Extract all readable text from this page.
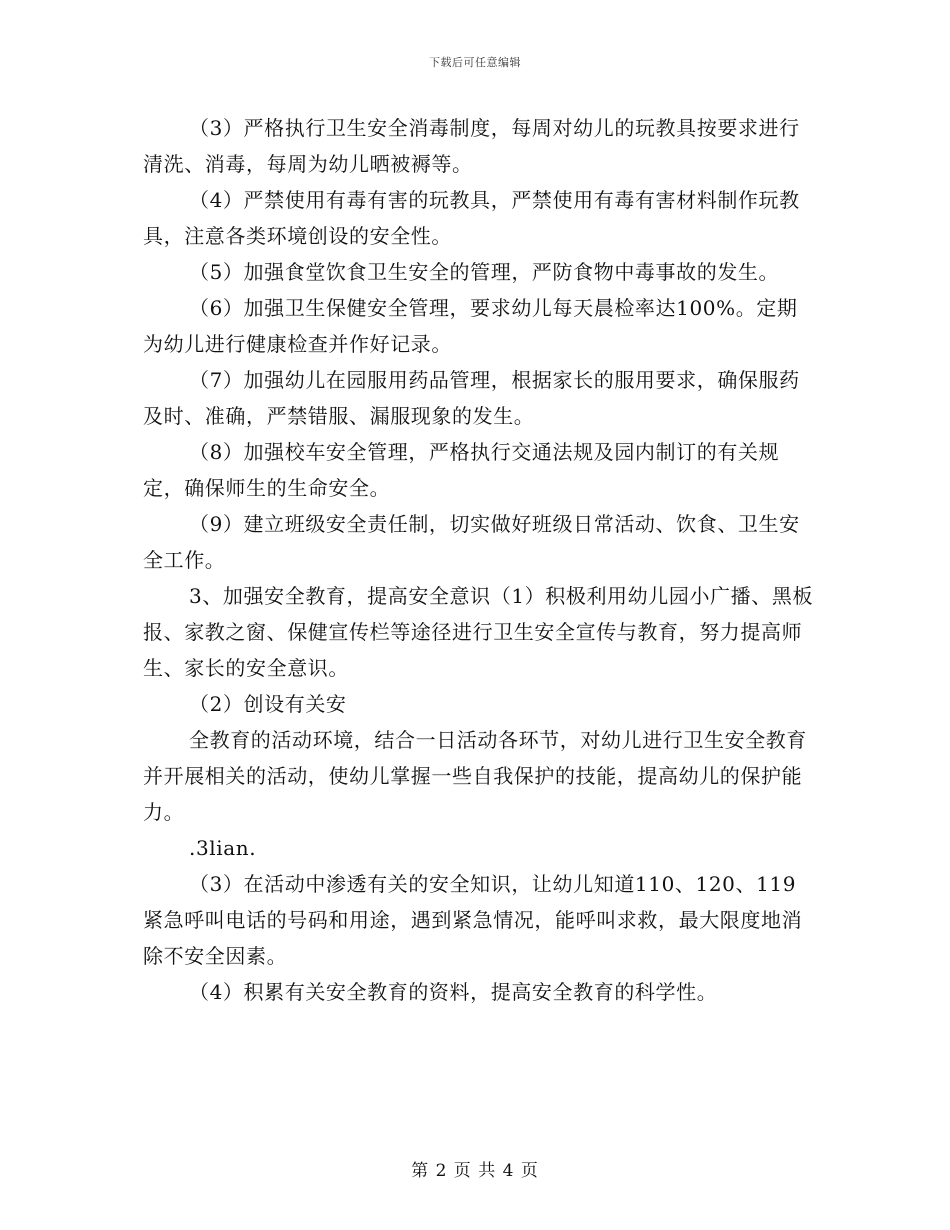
下载后可任意编辑

（3）严格执行卫生安全消毒制度，每周对幼儿的玩教具按要求进行清洗、消毒，每周为幼儿晒被褥等。

（4）严禁使用有毒有害的玩教具，严禁使用有毒有害材料制作玩教具，注意各类环境创设的安全性。

（5）加强食堂饮食卫生安全的管理，严防食物中毒事故的发生。

（6）加强卫生保健安全管理，要求幼儿每天晨检率达100%。定期为幼儿进行健康检查并作好记录。

（7）加强幼儿在园服用药品管理，根据家长的服用要求，确保服药及时、准确，严禁错服、漏服现象的发生。

（8）加强校车安全管理，严格执行交通法规及园内制订的有关规定，确保师生的生命安全。

（9）建立班级安全责任制，切实做好班级日常活动、饮食、卫生安全工作。

3、加强安全教育，提高安全意识（1）积极利用幼儿园小广播、黑板报、家教之窗、保健宣传栏等途径进行卫生安全宣传与教育，努力提高师生、家长的安全意识。

（2）创设有关安

全教育的活动环境，结合一日活动各环节，对幼儿进行卫生安全教育并开展相关的活动，使幼儿掌握一些自我保护的技能，提高幼儿的保护能力。

.3lian.

（3）在活动中渗透有关的安全知识，让幼儿知道110、120、119紧急呼叫电话的号码和用途，遇到紧急情况，能呼叫求救，最大限度地消除不安全因素。

（4）积累有关安全教育的资料，提高安全教育的科学性。

第 2 页 共 4 页
